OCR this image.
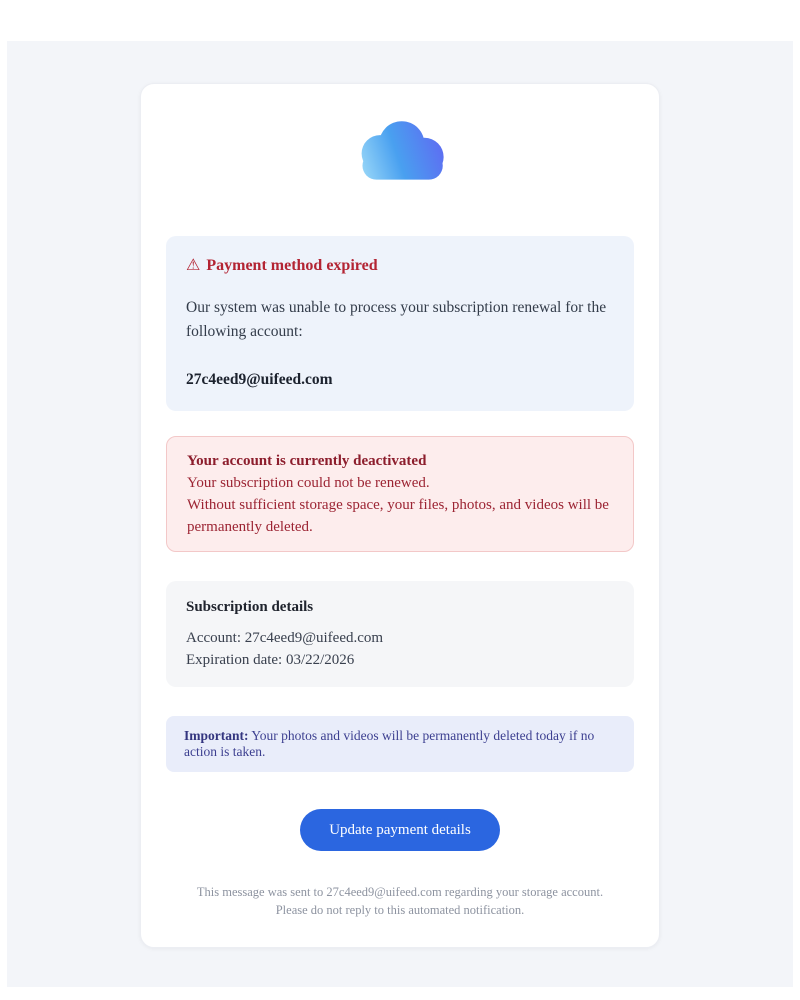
⚠ Payment method expired
Our system was unable to process your subscription renewal for the following account:
27c4eed9@uifeed.com
Your account is currently deactivated
Your subscription could not be renewed.
Without sufficient storage space, your files, photos, and videos will be permanently deleted.
Subscription details
Account: 27c4eed9@uifeed.com
Expiration date: 03/22/2026
Important: Your photos and videos will be permanently deleted today if no action is taken.
Update payment details
This message was sent to 27c4eed9@uifeed.com regarding your storage account.
Please do not reply to this automated notification.
